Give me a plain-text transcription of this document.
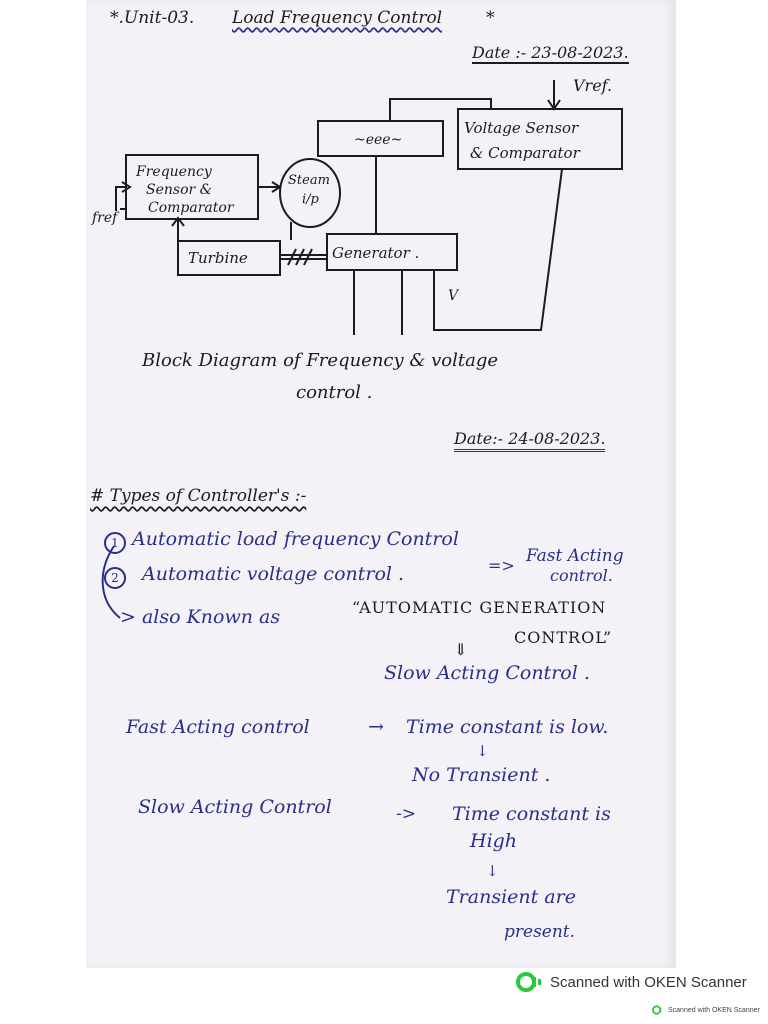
*.Unit-03. Load Frequency Control	*
Date :- 23-08-2023.
Vref.
Voltage Sensor
& Comparator
~eee~
Frequency
Sensor &
Comparator
Steam
i/p
fref
Turbine	Generator .
V
Block Diagram of Frequency & voltage
control .
Date:- 24-08-2023.
# Types of Controller's :-
1 Automatic load frequency Control
2	Automatic voltage control .	=> Fast Acting
control.
> also Known as	“AUTOMATIC GENERATION
CONTROL”
⇓
Slow Acting Control .
Fast Acting control	→ Time constant is low.
↓
No Transient .
Slow Acting Control	-> Time constant is
High
↓
Transient are
present.
Scanned with OKEN Scanner
Scanned with OKEN Scanner
